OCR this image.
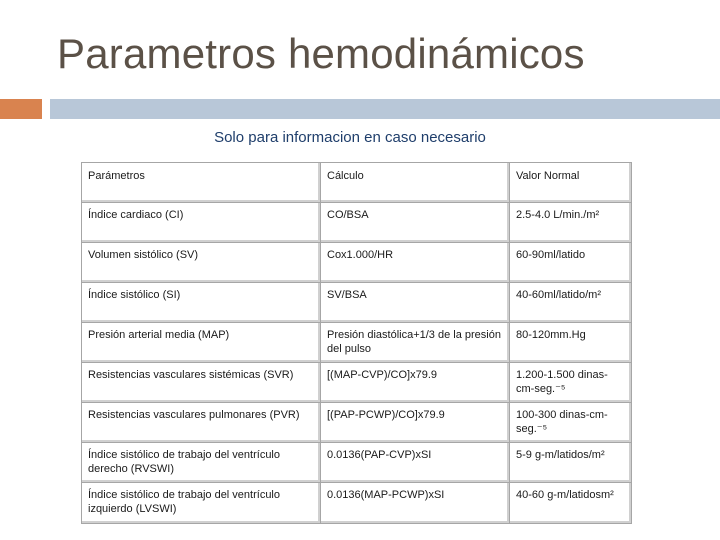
Parametros hemodinámicos
Solo para informacion en caso necesario
Parámetros	Cálculo	Valor Normal
Índice cardiaco (CI)	CO/BSA	2.5-4.0 L/min./m²
Volumen sistólico (SV)	Cox1.000/HR	60-90ml/latido
Índice sistólico (SI)	SV/BSA	40-60ml/latido/m²
Presión arterial media (MAP)	Presión diastólica+1/3 de la presión del pulso	80-120mm.Hg
Resistencias vasculares sistémicas (SVR)	[(MAP-CVP)/CO]x79.9	1.200-1.500 dinas-cm-seg.⁻⁵
Resistencias vasculares pulmonares (PVR)	[(PAP-PCWP)/CO]x79.9	100-300 dinas-cm-seg.⁻⁵
Índice sistólico de trabajo del ventrículo derecho (RVSWI)	0.0136(PAP-CVP)xSI	5-9 g-m/latidos/m²
Índice sistólico de trabajo del ventrículo izquierdo (LVSWI)	0.0136(MAP-PCWP)xSI	40-60 g-m/latidosm²
